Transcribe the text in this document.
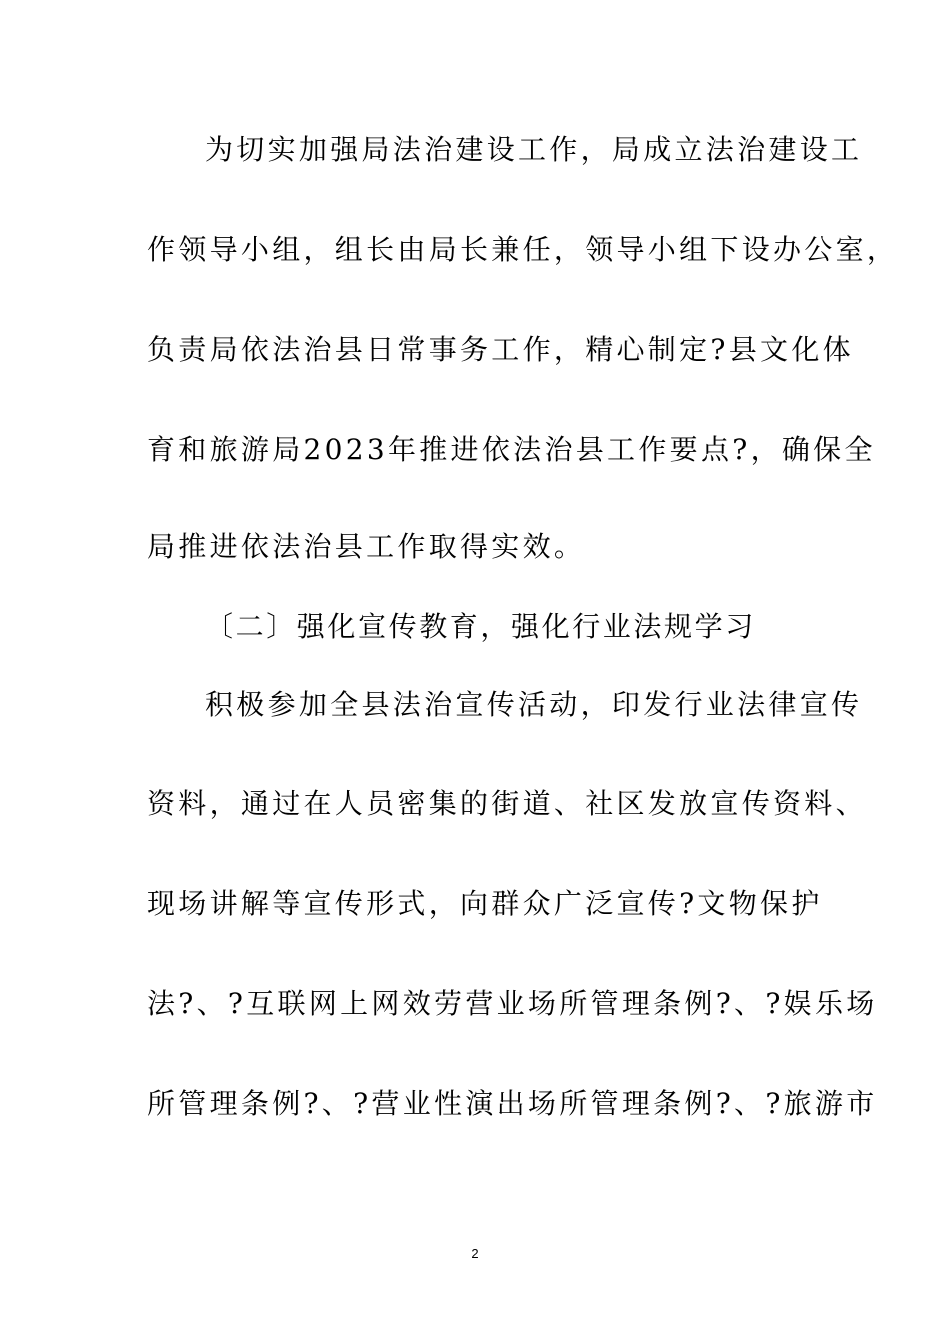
为切实加强局法治建设工作，局成立法治建设工
作领导小组，组长由局长兼任，领导小组下设办公室，
负责局依法治县日常事务工作，精心制定?县文化体
育和旅游局2023年推进依法治县工作要点?，确保全
局推进依法治县工作取得实效。
〔二〕强化宣传教育，强化行业法规学习
积极参加全县法治宣传活动，印发行业法律宣传
资料，通过在人员密集的街道、社区发放宣传资料、
现场讲解等宣传形式，向群众广泛宣传?文物保护
法?、?互联网上网效劳营业场所管理条例?、?娱乐场
所管理条例?、?营业性演出场所管理条例?、?旅游市
2
